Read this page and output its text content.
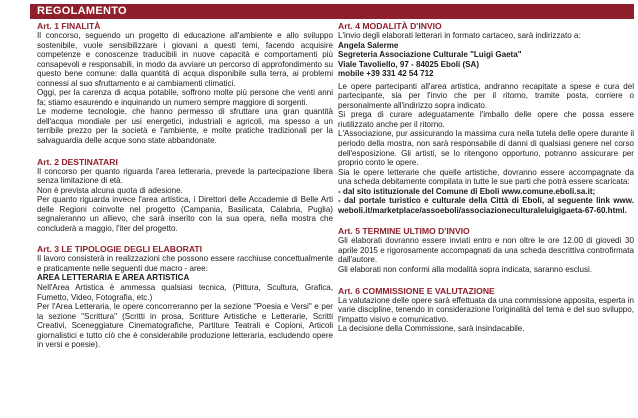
REGOLAMENTO
Art. 1 FINALITÀ

Il concorso, seguendo un progetto di educazione all'ambiente e allo sviluppo sostenibile, vuole sensibilizzare i giovani a questi temi, facendo acquisire competenze e conoscenze traducibili in nuove capacità e comportamenti più consapevoli e responsabili, in modo da avviare un percorso di approfondimento su questo bene comune: dalla quantità di acqua disponibile sulla terra, ai problemi connessi al suo sfruttamento e ai cambiamenti climatici.

Oggi, per la carenza di acqua potabile, soffrono molte più persone che venti anni fa; stiamo esaurendo e inquinando un numero sempre maggiore di sorgenti.

Le moderne tecnologie, che hanno permesso di sfruttare una gran quantità dell'acqua mondiale per usi energetici, industriali e agricoli, ma spesso a un terribile prezzo per la società e l'ambiente, e molte pratiche tradizionali per la salvaguardia delle acque sono state abbandonate.

Art. 2 DESTINATARI

Il concorso per quanto riguarda l'area letteraria, prevede la partecipazione libera senza limitazione di età.

Non è prevista alcuna quota di adesione.

Per quanto riguarda invece l'area artistica, i Direttori delle Accademie di Belle Arti delle Regioni coinvolte nel progetto (Campania, Basilicata, Calabria, Puglia) segnaleranno un allievo, che sarà inserito con la sua opera, nella mostra che concluderà a maggio, l'iter del progetto.

Art. 3 LE TIPOLOGIE DEGLI ELABORATI

Il lavoro consisterà in realizzazioni che possono essere racchiuse concettualmente e praticamente nelle seguenti due macro - aree:

AREA LETTERARIA E AREA ARTISTICA

Nell'Area Artistica è ammessa qualsiasi tecnica, (Pittura, Scultura, Grafica, Fumetto, Video, Fotografia, etc.)

Per l'Area Letteraria, le opere concorreranno per la sezione "Poesia e Versi" e per la sezione "Scrittura" (Scritti in prosa, Scritture Artistiche e Letterarie, Scritti Creativi, Sceneggiature Cinematografiche, Partiture Teatrali e Copioni, Articoli giornalistici e tutto ciò che è considerabile produzione letteraria, escludendo opere in versi e poesie).

Art. 4 MODALITÀ D'INVIO

L'invio degli elaborati letterari in formato cartaceo, sarà indirizzato a:

Angela Salerme
Segreteria Associazione Culturale "Luigi Gaeta"
Viale Tavoliello, 97 - 84025 Eboli (SA)
mobile +39 331 42 54 712

Le opere partecipanti all'area artistica, andranno recapitate a spese e cura del partecipante, sia per l'invio che per il ritorno, tramite posta, corriere o personalmente all'indirizzo sopra indicato.

Si prega di curare adeguatamente l'imballo delle opere che possa essere riutilizzato anche per il ritorno.

L'Associazione, pur assicurando la massima cura nella tutela delle opere durante il periodo della mostra, non sarà responsabile di danni di qualsiasi genere nel corso dell'esposizione. Gli artisti, se lo ritengono opportuno, potranno assicurare per proprio conto le opere.

Sia le opere letterarie che quelle artistiche, dovranno essere accompagnate da una scheda debitamente compilata in tutte le sue parti che potrà essere scaricata:

- dal sito istituzionale del Comune di Eboli www.comune.eboli.sa.it;
- dal portale turistico e culturale della Città di Eboli, al seguente link www. weboli.it/marketplace/assoeboli/associazioneculturaleluigigaeta-67-60.html.
Art. 5 TERMINE ULTIMO D'INVIO

Gli elaborati dovranno essere inviati entro e non oltre le ore 12.00 di giovedì 30 aprile 2015 e rigorosamente accompagnati da una scheda descrittiva controfirmata dall'autore.

Gli elaborati non conformi alla modalità sopra indicata, saranno esclusi.

Art. 6 COMMISSIONE E VALUTAZIONE

La valutazione delle opere sarà effettuata da una commissione apposita, esperta in varie discipline, tenendo in considerazione l'originalità del tema e del suo sviluppo, l'impatto visivo e comunicativo.

La decisione della Commissione, sarà insindacabile.
